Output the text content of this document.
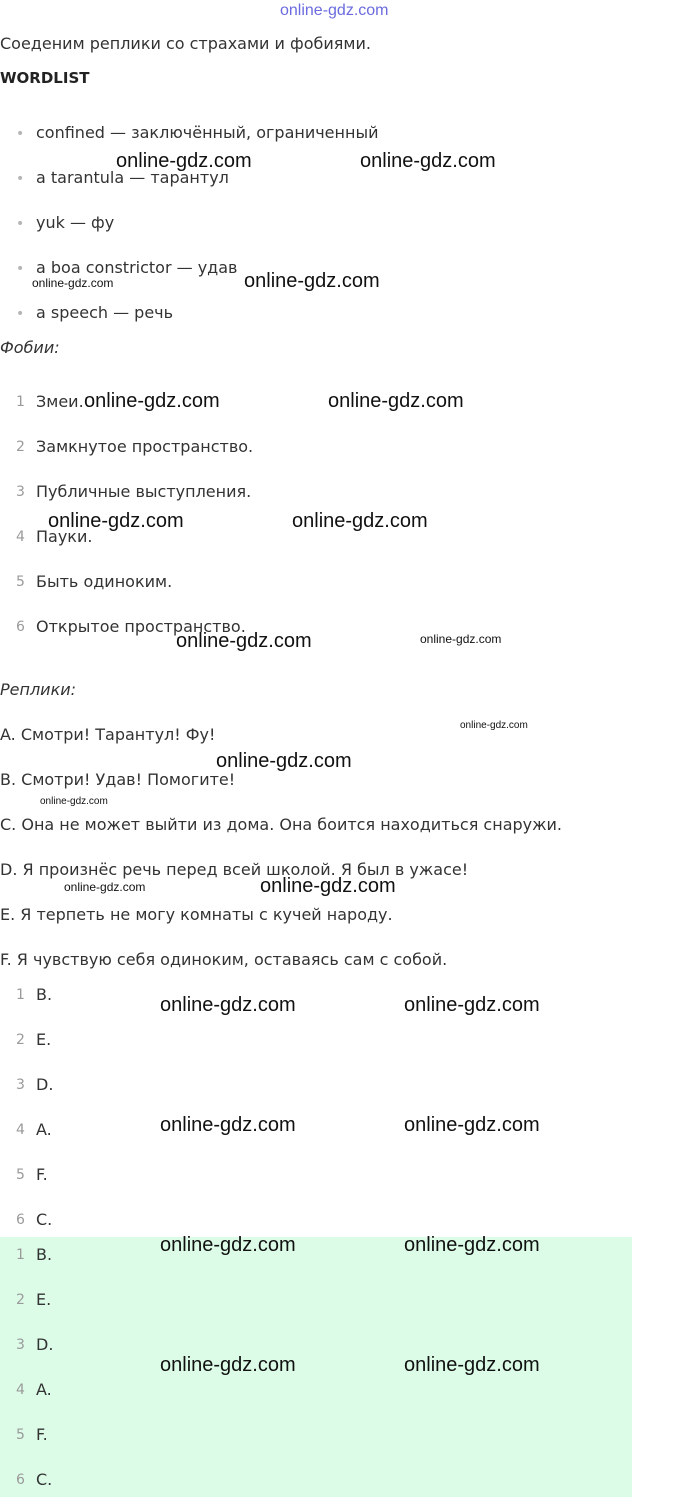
online-gdz.com
Соеденим реплики со страхами и фобиями.
WORDLIST
• confined — заключённый, ограниченный
• a tarantula — тарантул
• yuk — фу
• a boa constrictor — удав
• a speech — речь
Фобии:
1 Змеи.
2 Замкнутое пространство.
3 Публичные выступления.
4 Пауки.
5 Быть одиноким.
6 Открытое пространство.
Реплики:
A. Смотри! Тарантул! Фу!
B. Смотри! Удав! Помогите!
C. Она не может выйти из дома. Она боится находиться снаружи.
D. Я произнёс речь перед всей школой. Я был в ужасе!
E. Я терпеть не могу комнаты с кучей народу.
F. Я чувствую себя одиноким, оставаясь сам с собой.
1 B.
2 E.
3 D.
4 A.
5 F.
6 C.
1 B.
2 E.
3 D.
4 A.
5 F.
6 C.
online-gdz.com	online-gdz.com
online-gdz.com	online-gdz.com
online-gdz.com	online-gdz.com
online-gdz.com	online-gdz.com
online-gdz.com	online-gdz.com
online-gdz.com
online-gdz.com
online-gdz.com
online-gdz.com	online-gdz.com
online-gdz.com	online-gdz.com
online-gdz.com	online-gdz.com
online-gdz.com	online-gdz.com
online-gdz.com	online-gdz.com
